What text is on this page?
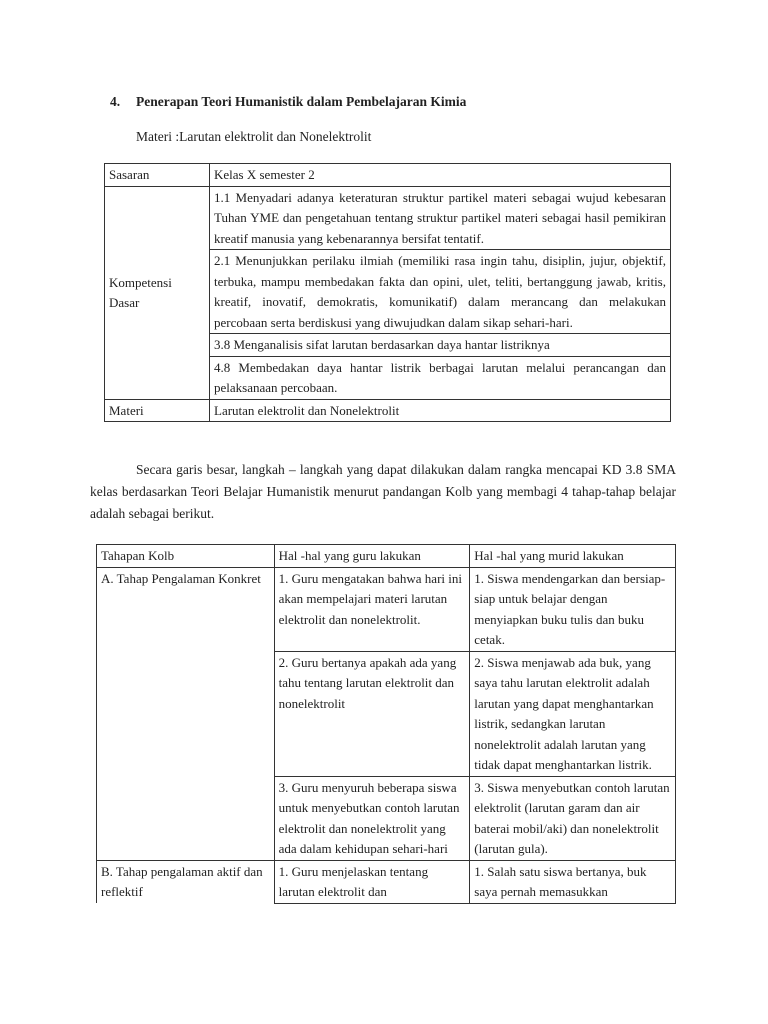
4. Penerapan Teori Humanistik dalam Pembelajaran Kimia
Materi :Larutan elektrolit dan Nonelektrolit
Sasaran	Kelas X semester 2

Kompetensi
Dasar	1.1 Menyadari adanya keteraturan struktur partikel materi sebagai wujud kebesaran Tuhan YME dan pengetahuan tentang struktur partikel materi sebagai hasil pemikiran kreatif manusia yang kebenarannya bersifat tentatif.
	2.1 Menunjukkan perilaku ilmiah (memiliki rasa ingin tahu, disiplin, jujur, objektif, terbuka, mampu membedakan fakta dan opini, ulet, teliti, bertanggung jawab, kritis, kreatif, inovatif, demokratis, komunikatif) dalam merancang dan melakukan percobaan serta berdiskusi yang diwujudkan dalam sikap sehari-hari.
	3.8 Menganalisis sifat larutan berdasarkan daya hantar listriknya
	4.8 Membedakan daya hantar listrik berbagai larutan melalui perancangan dan pelaksanaan percobaan.
Materi	Larutan elektrolit dan Nonelektrolit
Secara garis besar, langkah – langkah yang dapat dilakukan dalam rangka mencapai KD 3.8 SMA kelas berdasarkan Teori Belajar Humanistik menurut pandangan Kolb yang membagi 4 tahap-tahap belajar adalah sebagai berikut.
Tahapan Kolb	Hal -hal yang guru lakukan	Hal -hal yang murid lakukan
A. Tahap Pengalaman Konkret	1. Guru mengatakan bahwa hari ini akan mempelajari materi larutan elektrolit dan nonelektrolit.	1. Siswa mendengarkan dan bersiap-siap untuk belajar dengan menyiapkan buku tulis dan buku cetak.
	2. Guru bertanya apakah ada yang tahu tentang larutan elektrolit dan nonelektrolit	2. Siswa menjawab ada buk, yang saya tahu larutan elektrolit adalah larutan yang dapat menghantarkan listrik, sedangkan larutan nonelektrolit adalah larutan yang tidak dapat menghantarkan listrik.
	3. Guru menyuruh beberapa siswa untuk menyebutkan contoh larutan elektrolit dan nonelektrolit yang ada dalam kehidupan sehari-hari	3. Siswa menyebutkan contoh larutan elektrolit (larutan garam dan air baterai mobil/aki) dan nonelektrolit (larutan gula).
B. Tahap pengalaman aktif dan reflektif	1. Guru menjelaskan tentang larutan elektrolit dan	1. Salah satu siswa bertanya, buk saya pernah memasukkan
